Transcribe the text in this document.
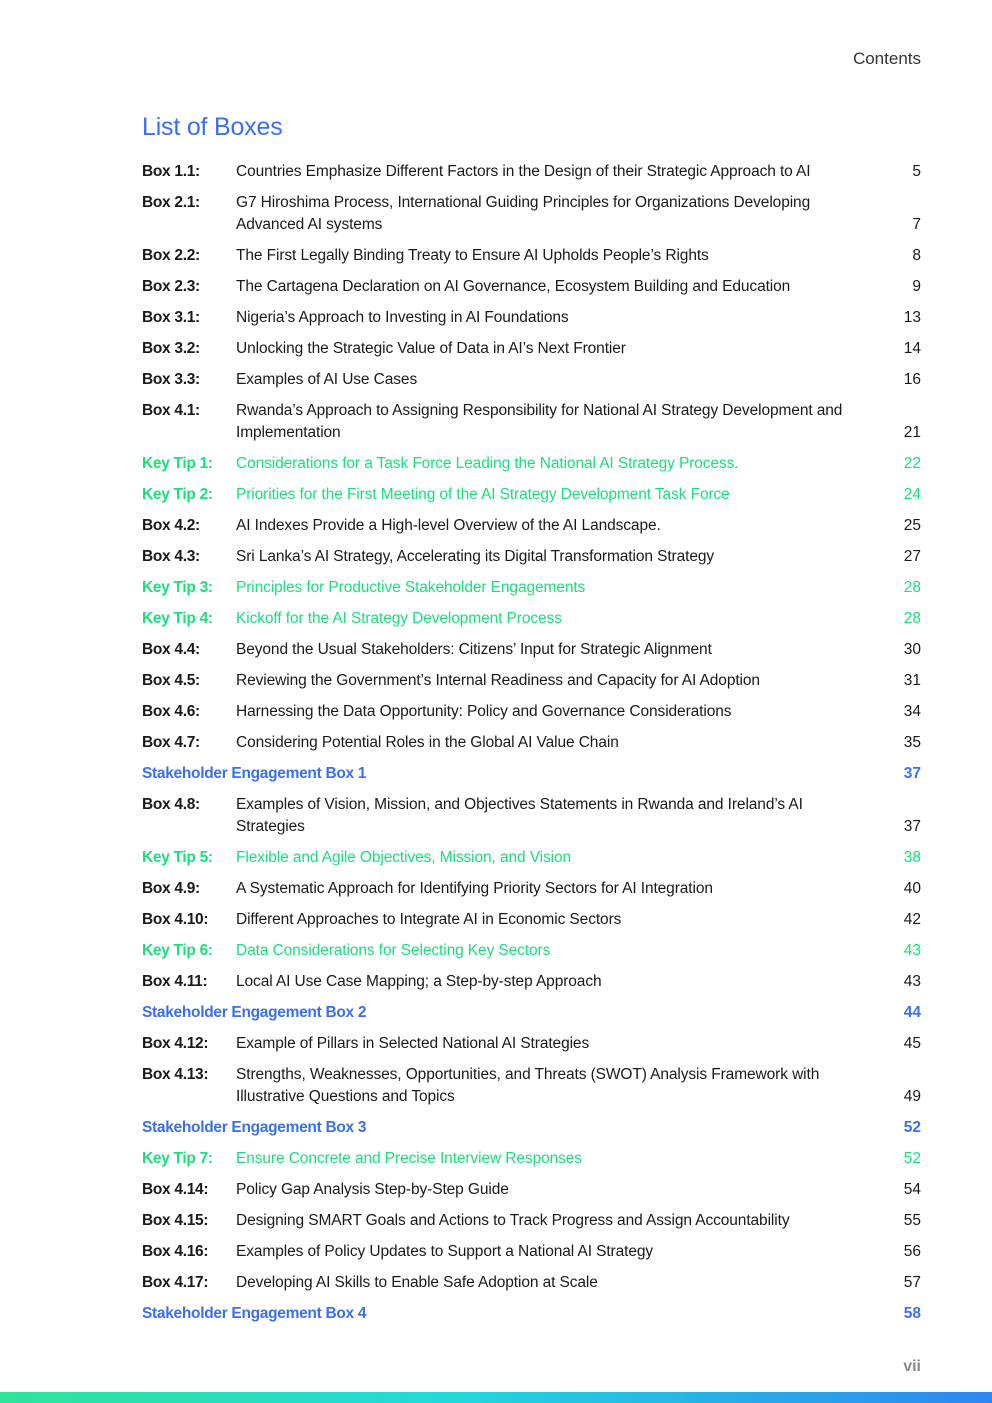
Contents
List of Boxes
Box 1.1:	Countries Emphasize Different Factors in the Design of their Strategic Approach to AI	5
Box 2.1:	G7 Hiroshima Process, International Guiding Principles for Organizations Developing Advanced AI systems	7
Box 2.2:	The First Legally Binding Treaty to Ensure AI Upholds People’s Rights	8
Box 2.3:	The Cartagena Declaration on AI Governance, Ecosystem Building and Education	9
Box 3.1:	Nigeria’s Approach to Investing in AI Foundations	13
Box 3.2:	Unlocking the Strategic Value of Data in AI’s Next Frontier	14
Box 3.3:	Examples of AI Use Cases	16
Box 4.1:	Rwanda’s Approach to Assigning Responsibility for National AI Strategy Development and Implementation	21
Key Tip 1:	Considerations for a Task Force Leading the National AI Strategy Process.	22
Key Tip 2:	Priorities for the First Meeting of the AI Strategy Development Task Force	24
Box 4.2:	AI Indexes Provide a High-level Overview of the AI Landscape.	25
Box 4.3:	Sri Lanka’s AI Strategy, Accelerating its Digital Transformation Strategy	27
Key Tip 3:	Principles for Productive Stakeholder Engagements	28
Key Tip 4:	Kickoff for the AI Strategy Development Process	28
Box 4.4:	Beyond the Usual Stakeholders: Citizens’ Input for Strategic Alignment	30
Box 4.5:	Reviewing the Government’s Internal Readiness and Capacity for AI Adoption	31
Box 4.6:	Harnessing the Data Opportunity: Policy and Governance Considerations	34
Box 4.7:	Considering Potential Roles in the Global AI Value Chain	35
Stakeholder Engagement Box 1	37
Box 4.8:	Examples of Vision, Mission, and Objectives Statements in Rwanda and Ireland’s AI Strategies	37
Key Tip 5:	Flexible and Agile Objectives, Mission, and Vision	38
Box 4.9:	A Systematic Approach for Identifying Priority Sectors for AI Integration	40
Box 4.10:	Different Approaches to Integrate AI in Economic Sectors	42
Key Tip 6:	Data Considerations for Selecting Key Sectors	43
Box 4.11:	Local AI Use Case Mapping; a Step-by-step Approach	43
Stakeholder Engagement Box 2	44
Box 4.12:	Example of Pillars in Selected National AI Strategies	45
Box 4.13:	Strengths, Weaknesses, Opportunities, and Threats (SWOT) Analysis Framework with Illustrative Questions and Topics	49
Stakeholder Engagement Box 3	52
Key Tip 7:	Ensure Concrete and Precise Interview Responses	52
Box 4.14:	Policy Gap Analysis Step-by-Step Guide	54
Box 4.15:	Designing SMART Goals and Actions to Track Progress and Assign Accountability	55
Box 4.16:	Examples of Policy Updates to Support a National AI Strategy	56
Box 4.17:	Developing AI Skills to Enable Safe Adoption at Scale	57
Stakeholder Engagement Box 4	58
vii
